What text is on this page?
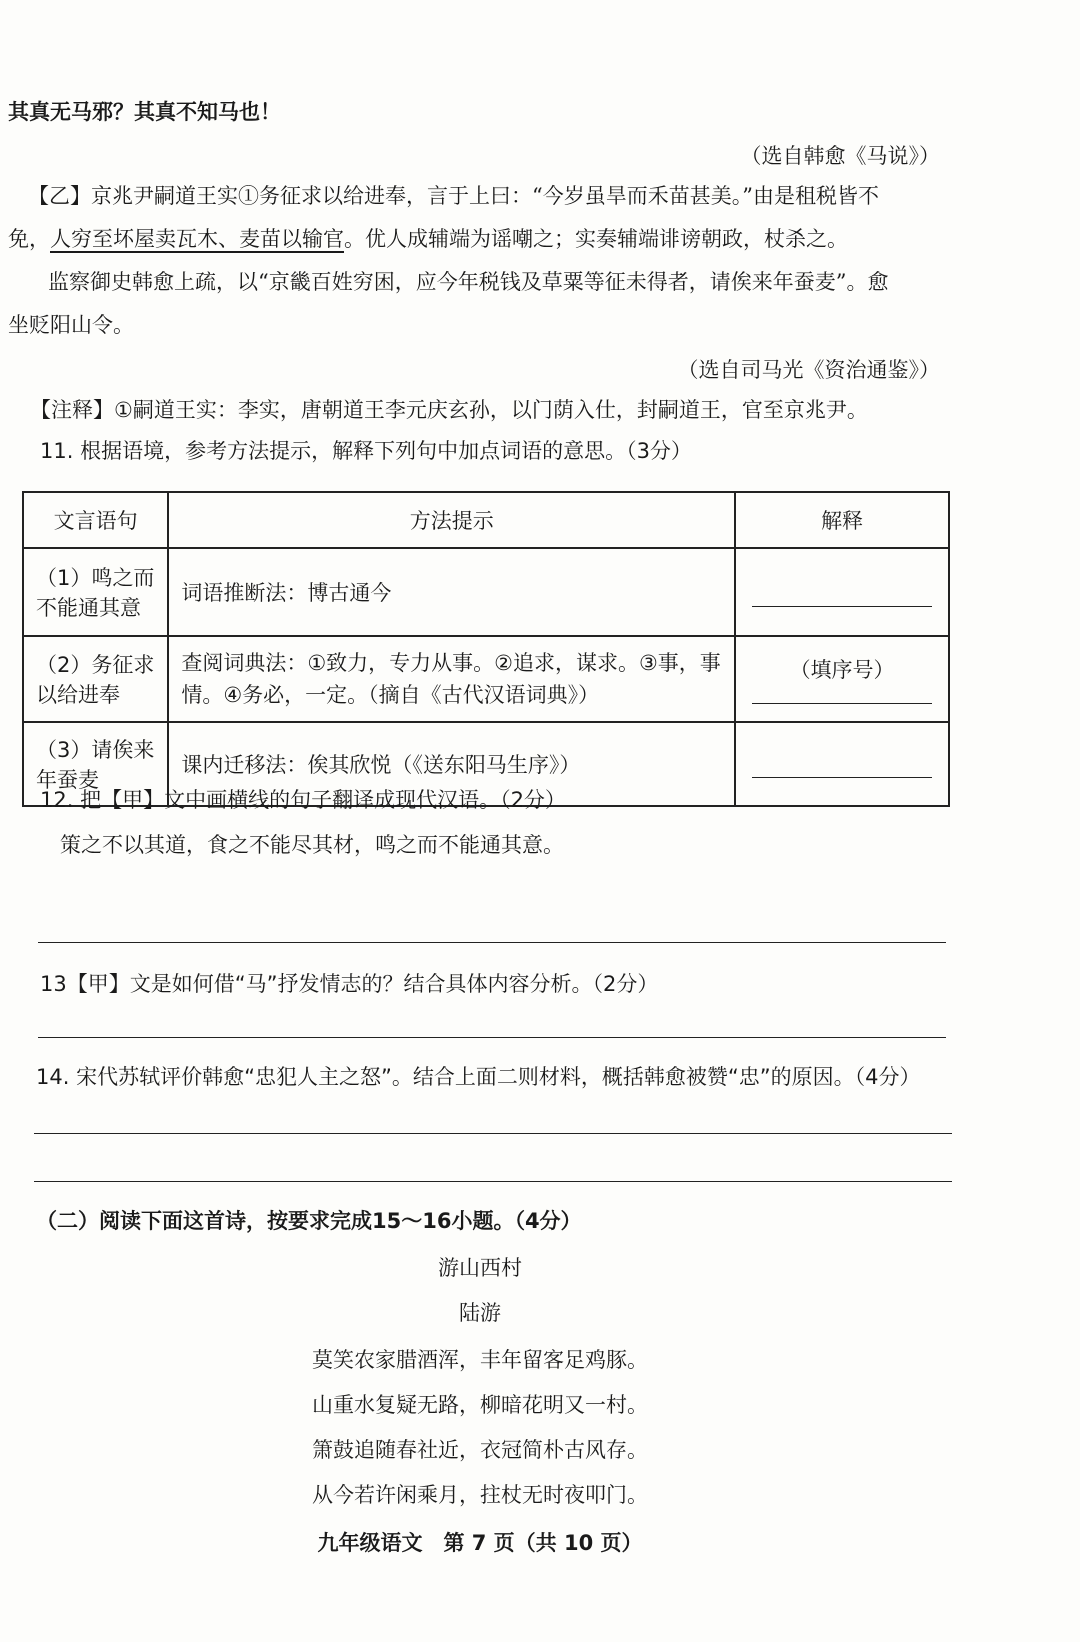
其真无马邪？其真不知马也！
（选自韩愈《马说》）
【乙】京兆尹嗣道王实①务征求以给进奉，言于上曰：“今岁虽旱而禾苗甚美。”由是租税皆不
免，人穷至坏屋卖瓦木、麦苗以输官。优人成辅端为谣嘲之；实奏辅端诽谤朝政，杖杀之。
监察御史韩愈上疏，以“京畿百姓穷困，应今年税钱及草粟等征未得者，请俟来年蚕麦”。愈
坐贬阳山令。
（选自司马光《资治通鉴》）
【注释】①嗣道王实：李实，唐朝道王李元庆玄孙，以门荫入仕，封嗣道王，官至京兆尹。
11. 根据语境，参考方法提示，解释下列句中加点词语的意思。（3分）
文言语句	方法提示	解释
（1）鸣之而不能通其意	词语推断法：博古通今	

（2）务征求以给进奉	查阅词典法：①致力，专力从事。②追求，谋求。③事，事情。④务必，一定。（摘自《古代汉语词典》）	（填序号）

（3）请俟来年蚕麦	课内迁移法：俟其欣悦（《送东阳马生序》）	
12. 把【甲】文中画横线的句子翻译成现代汉语。（2分）
策之不以其道，食之不能尽其材，鸣之而不能通其意。
13【甲】文是如何借“马”抒发情志的？结合具体内容分析。（2分）
14. 宋代苏轼评价韩愈“忠犯人主之怒”。结合上面二则材料，概括韩愈被赞“忠”的原因。（4分）
（二）阅读下面这首诗，按要求完成15～16小题。（4分）
游山西村
陆游
莫笑农家腊酒浑，丰年留客足鸡豚。
山重水复疑无路，柳暗花明又一村。
箫鼓追随春社近，衣冠简朴古风存。
从今若许闲乘月，拄杖无时夜叩门。
九年级语文　第 7 页（共 10 页）
